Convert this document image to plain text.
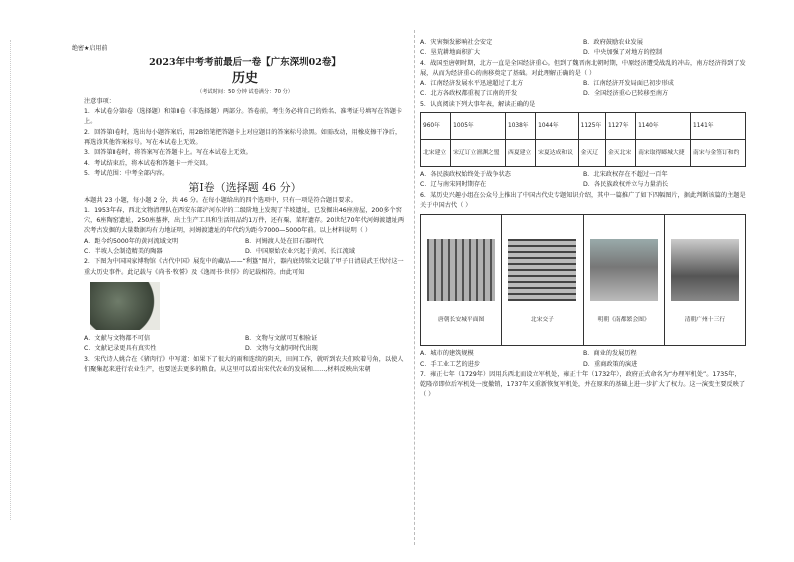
绝密★启用前
2023年中考考前最后一卷【广东深圳02卷】
历史
（考试时间：50 分钟 试卷满分：70 分）

注意事项：

1．本试卷分第Ⅰ卷（选择题）和第Ⅱ卷（非选择题）两部分。答卷前，考生务必将自己的姓名、准考证号填写在答题卡上。

2．回答第Ⅰ卷时，选出每小题答案后，用2B铅笔把答题卡上对应题目的答案标号涂黑。如需改动，用橡皮擦干净后，再选涂其他答案标号。写在本试卷上无效。

3．回答第Ⅱ卷时，将答案写在答题卡上。写在本试卷上无效。

4．考试结束后，将本试卷和答题卡一并交回。

5．考试范围：中考全部内容。

第Ⅰ卷（选择题 46 分）

本题共 23 小题，每小题 2 分，共 46 分。在每小题给出的四个选项中，只有一项是符合题目要求。

1．1953年春，西北文物清理队在西安东部浐河东岸的二级阶地上发现了半坡遗址，已发掘出46座房屋，200多个窖穴，6座陶窑遗址，250座墓葬，出土生产工具和生活用品约1万件，还有粟、菜籽遗存。20世纪70年代河姆渡遗址两次考古发掘的大量数据均有力地证明，河姆渡遗址的年代约为距今7000—5000年前。以上材料说明（ ）

A．距今约5000年的黄河流域文明	B．河姆渡人处在旧石器时代
C．半坡人会制造精美的陶器	D．中国原始农业兴起于黄河、长江流域

2．下图为中国国家博物馆《古代中国》展览中的藏品——“利簋”图片，器内底铸铭文记载了甲子日清晨武王伐纣这一重大历史事件。此记载与《尚书·牧誓》及《逸周书·世俘》的记载相符。由此可知

A．文献与文物都不可信	B．文物与文献可互相验证
C．文献记录更具有真实性	D．文物与文献同时代出现

3．宋代诗人姚合在《猪肉行》中写道：如果下了很大的雨和连续的阴天，田间工作，就听到农夫们吹着号角，以使人们聚集起来进行农业生产，也要送去更多的粮食。从这里可以看出宋代农业的发展和……,材料反映出宋朝

A．灾害频发影响社会安定	B．政府鼓励农业发展
C．垦荒耕地面积扩大	D．中央加强了对地方的控制

4．战国至唐朝时期，北方一直是全国经济重心。但到了魏晋南北朝时期，中原经济遭受战乱的冲击，南方经济得到了发展，从而为经济重心的南移奠定了基础。对此理解正确的是（ ）

A．江南经济发展水平迅速超过了北方	B．江南经济开发局面已初步形成
C．北方各政权都重视了江南的开发	D．全国经济重心已转移至南方

5．认真阅读下列大事年表，解读正确的是

960年	1005年	1038年	1044年	1125年	1127年	1140年	1141年
北宋建立	宋辽订立澶渊之盟	西夏建立	宋夏达成和议	金灭辽	金灭北宋	南宋取得郾城大捷	南宋与金签订和约
A．各民族政权始终处于战争状态	B．北宋政权存在不超过一百年
C．辽与南宋同时期存在	D．各民族政权并立与力量消长

6．某历史兴趣小组在公众号上推出了中国古代史专题知识介绍，其中一篇推广了如下四幅图片，据此判断该篇的主题是关于中国古代（ ）

唐朝长安城平面图	北宋交子	明朝《南都繁会图》	清朝广州十三行
A．城市的建筑规模	B．商业的发展历程
C．手工业工艺的进步	D．重商政策的演进

7．雍正七年（1729年）因用兵西北而设立军机处，雍正十年（1732年），政府正式命名为“办理军机处”。1735年，乾隆帝即位后军机处一度撤销，1737年又重新恢复军机处，并在原来的基础上进一步扩大了权力。这一演变主要反映了（ ）
